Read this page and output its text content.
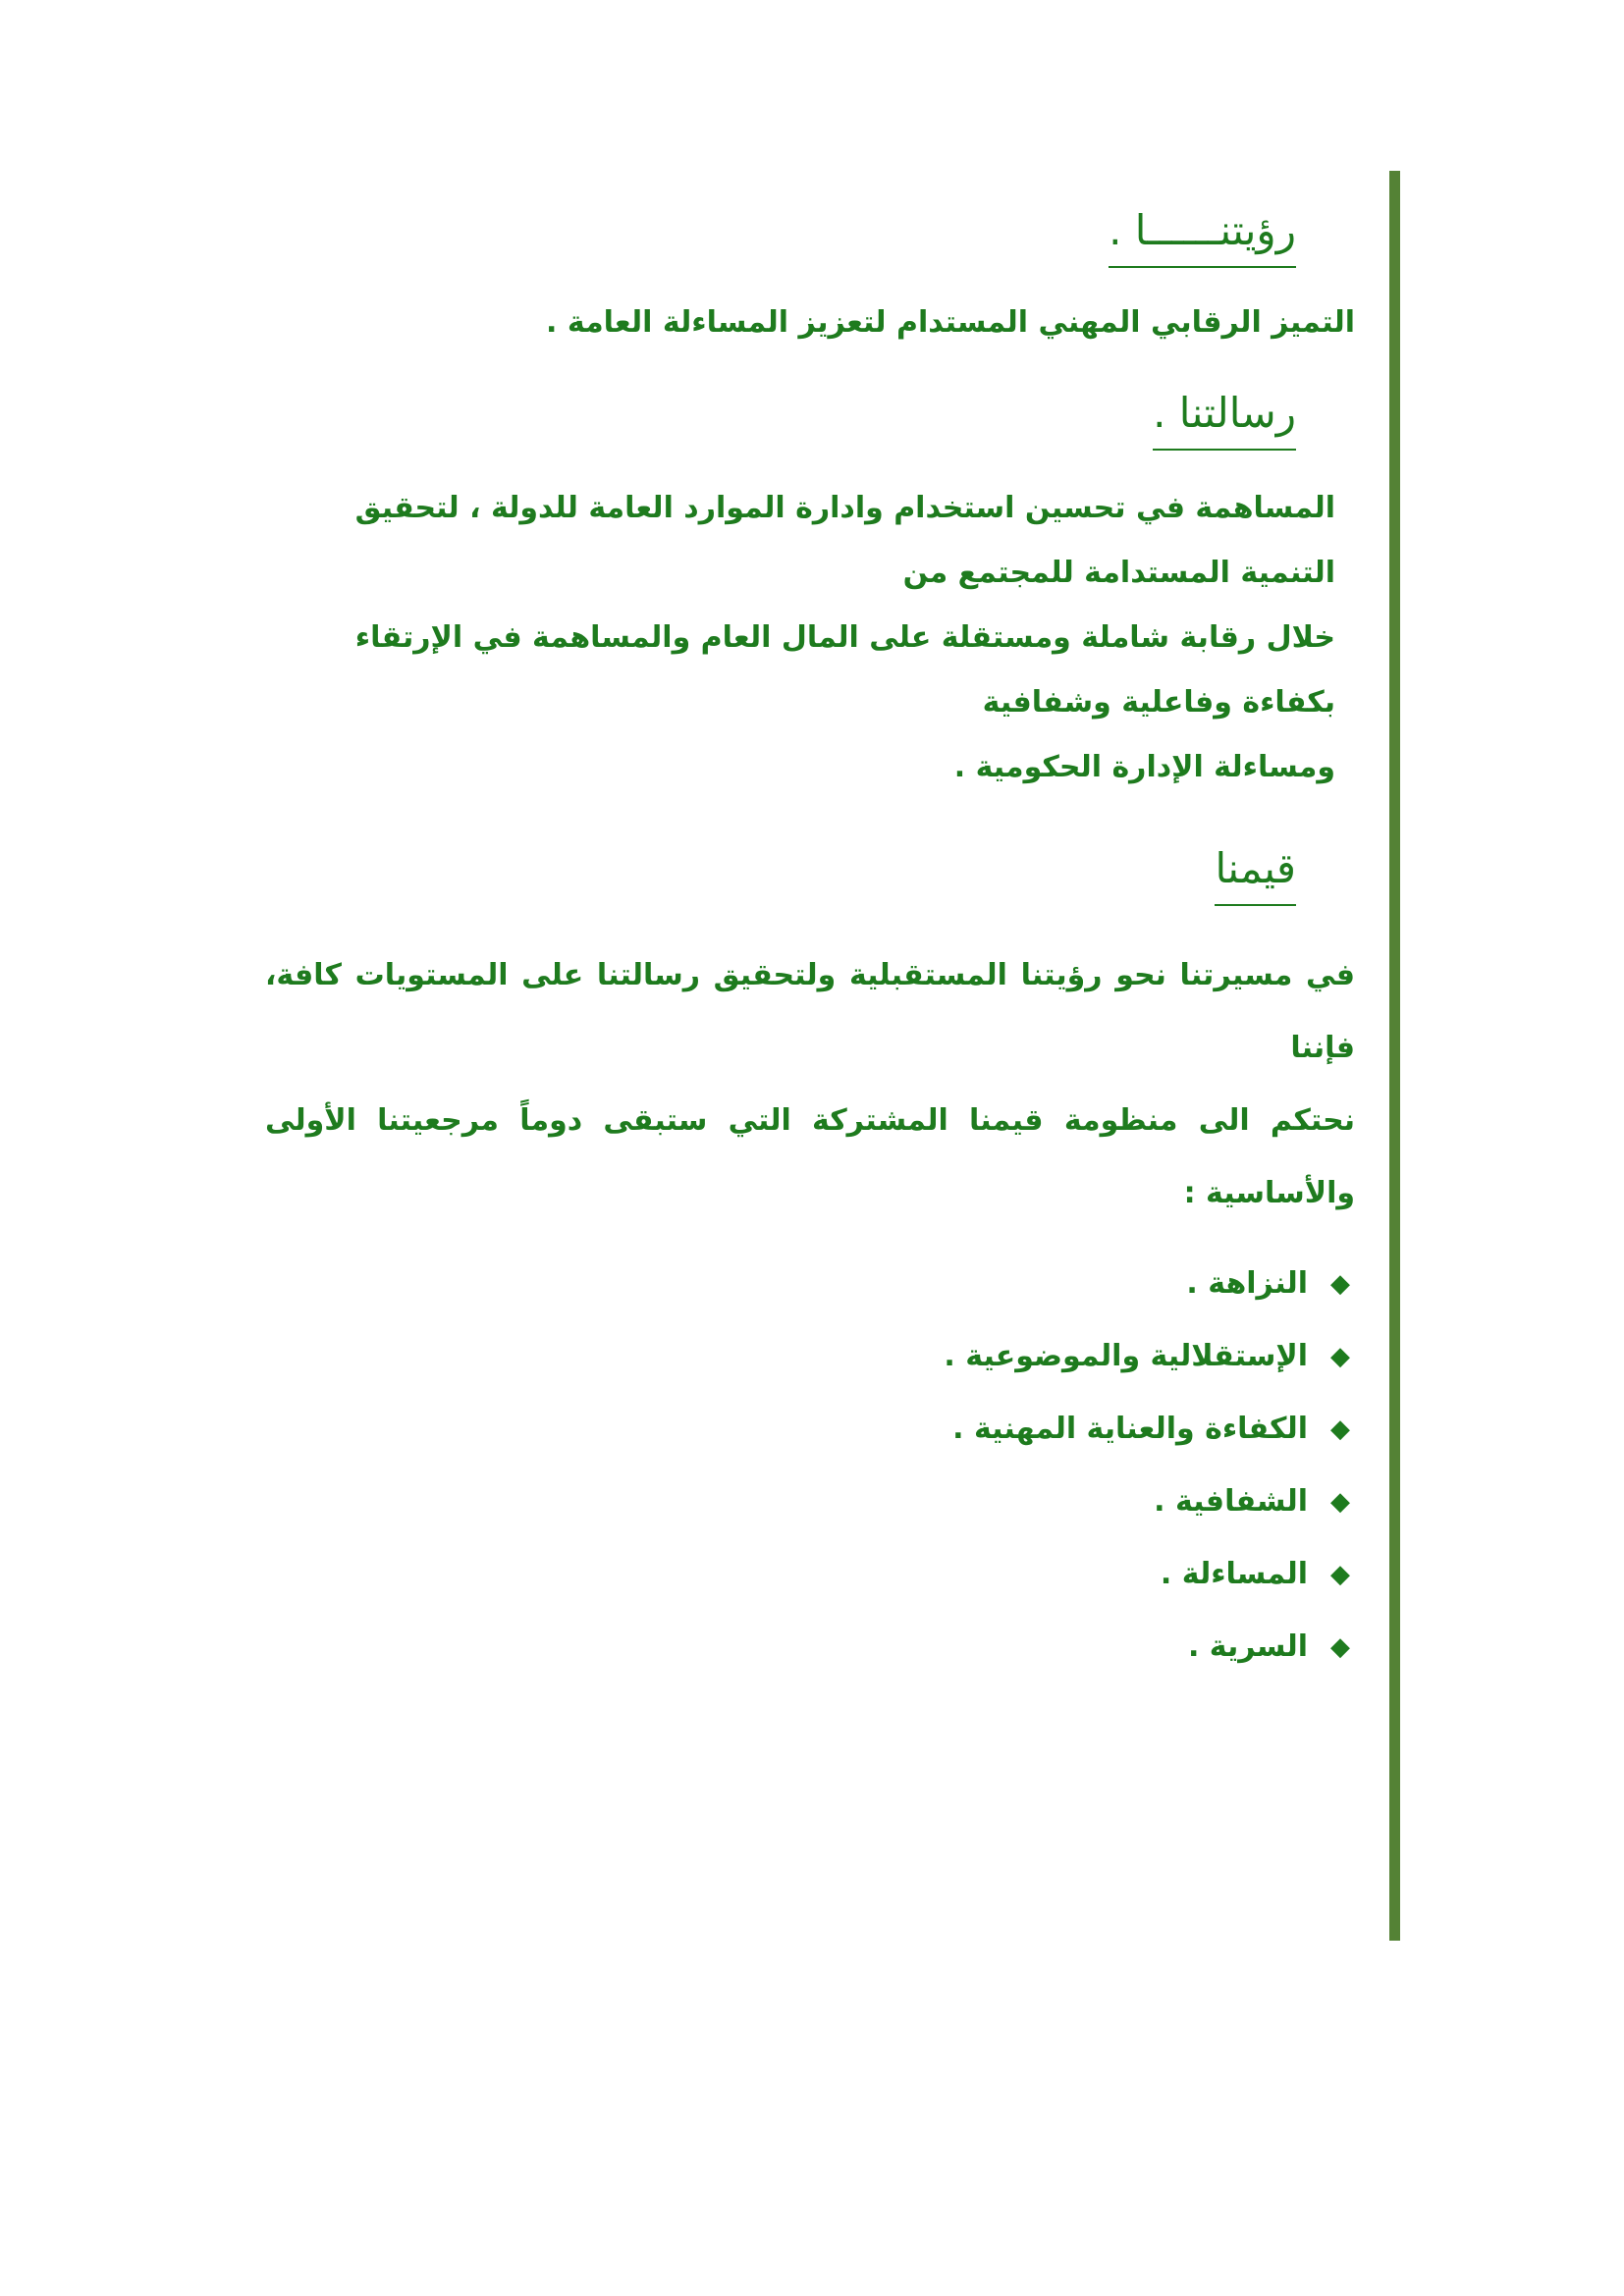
رؤيتنــــــا .

التميز الرقابي المهني المستدام لتعزيز المساءلة العامة .

رسالتنا .
المساهمة في تحسين استخدام وادارة الموارد العامة للدولة ، لتحقيق التنمية المستدامة للمجتمع من
خلال رقابة شاملة ومستقلة على المال العام والمساهمة في الإرتقاء بكفاءة وفاعلية وشفافية
ومساءلة الإدارة الحكومية .
قيمنا
في مسيرتنا نحو رؤيتنا المستقبلية ولتحقيق رسالتنا على المستويات كافة، فإننا
نحتكم الى منظومة قيمنا المشتركة التي ستبقى دوماً مرجعيتنا الأولى والأساسية :
◆
النزاهة .
◆
الإستقلالية والموضوعية .
◆
الكفاءة والعناية المهنية .
◆
الشفافية .
◆
المساءلة .
◆
السرية .
